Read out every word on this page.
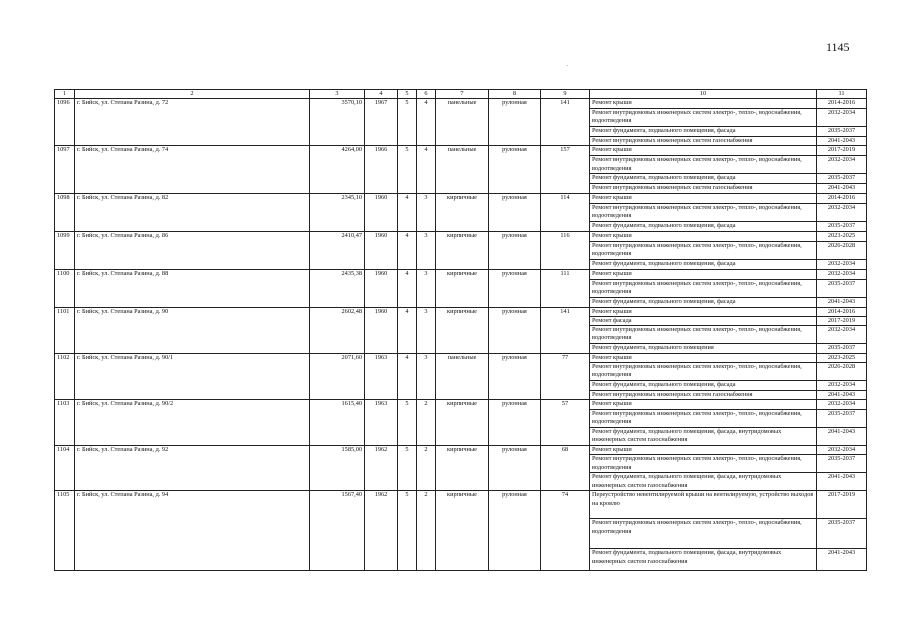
1145
·
1	2	3	4	5	6	7	8	9	10	11
1096	г. Бийск, ул. Степана Разина, д. 72	3570,10	1967	5	4	панельные	рулонная	141	Ремонт крыши	2014-2016
									Ремонт внутридомовых инженерных систем электро-, тепло-, водоснабжения, водоотведения	2032-2034
									Ремонт фундамента, подвального помещения, фасада	2035-2037
									Ремонт внутридомовых инженерных систем газоснабжения	2041-2043
1097	г. Бийск, ул. Степана Разина, д. 74	4264,00	1966	5	4	панельные	рулонная	157	Ремонт крыши	2017-2019
									Ремонт внутридомовых инженерных систем электро-, тепло-, водоснабжения, водоотведения	2032-2034
									Ремонт фундамента, подвального помещения, фасада	2035-2037
									Ремонт внутридомовых инженерных систем газоснабжения	2041-2043
1098	г. Бийск, ул. Степана Разина, д. 82	2345,10	1960	4	3	кирпичные	рулонная	114	Ремонт крыши	2014-2016
									Ремонт внутридомовых инженерных систем электро-, тепло-, водоснабжения, водоотведения	2032-2034
									Ремонт фундамента, подвального помещения, фасада	2035-2037
1099	г. Бийск, ул. Степана Разина, д. 86	2410,47	1960	4	3	кирпичные	рулонная	116	Ремонт крыши	2023-2025
									Ремонт внутридомовых инженерных систем электро-, тепло-, водоснабжения, водоотведения	2026-2028
									Ремонт фундамента, подвального помещения, фасада	2032-2034
1100	г. Бийск, ул. Степана Разина, д. 88	2435,38	1960	4	3	кирпичные	рулонная	111	Ремонт крыши	2032-2034
									Ремонт внутридомовых инженерных систем электро-, тепло-, водоснабжения, водоотведения	2035-2037
									Ремонт фундамента, подвального помещения, фасада	2041-2043
1101	г. Бийск, ул. Степана Разина, д. 90	2602,48	1960	4	3	кирпичные	рулонная	141	Ремонт крыши	2014-2016
									Ремонт фасада	2017-2019
									Ремонт внутридомовых инженерных систем электро-, тепло-, водоснабжения, водоотведения	2032-2034
									Ремонт фундамента, подвального помещения	2035-2037
1102	г. Бийск, ул. Степана Разина, д. 90/1	2071,60	1963	4	3	панельные	рулонная	77	Ремонт крыши	2023-2025
									Ремонт внутридомовых инженерных систем электро-, тепло-, водоснабжения, водоотведения	2026-2028
									Ремонт фундамента, подвального помещения, фасада	2032-2034
									Ремонт внутридомовых инженерных систем газоснабжения	2041-2043
1103	г. Бийск, ул. Степана Разина, д. 90/2	1615,40	1963	5	2	кирпичные	рулонная	57	Ремонт крыши	2032-2034
									Ремонт внутридомовых инженерных систем электро-, тепло-, водоснабжения, водоотведения	2035-2037
									Ремонт фундамента, подвального помещения, фасада, внутридомовых инженерных систем газоснабжения	2041-2043
1104	г. Бийск, ул. Степана Разина, д. 92	1585,00	1962	5	2	кирпичные	рулонная	68	Ремонт крыши	2032-2034
									Ремонт внутридомовых инженерных систем электро-, тепло-, водоснабжения, водоотведения	2035-2037
									Ремонт фундамента, подвального помещения, фасада, внутридомовых инженерных систем газоснабжения	2041-2043
1105	г. Бийск, ул. Степана Разина, д. 94	1567,40	1962	5	2	кирпичные	рулонная	74	Переустройство невентилируемой крыши на вентилируемую, устройство выходов на кровлю	2017-2019
									Ремонт внутридомовых инженерных систем электро-, тепло-, водоснабжения, водоотведения	2035-2037
									Ремонт фундамента, подвального помещения, фасада, внутридомовых инженерных систем газоснабжения	2041-2043
